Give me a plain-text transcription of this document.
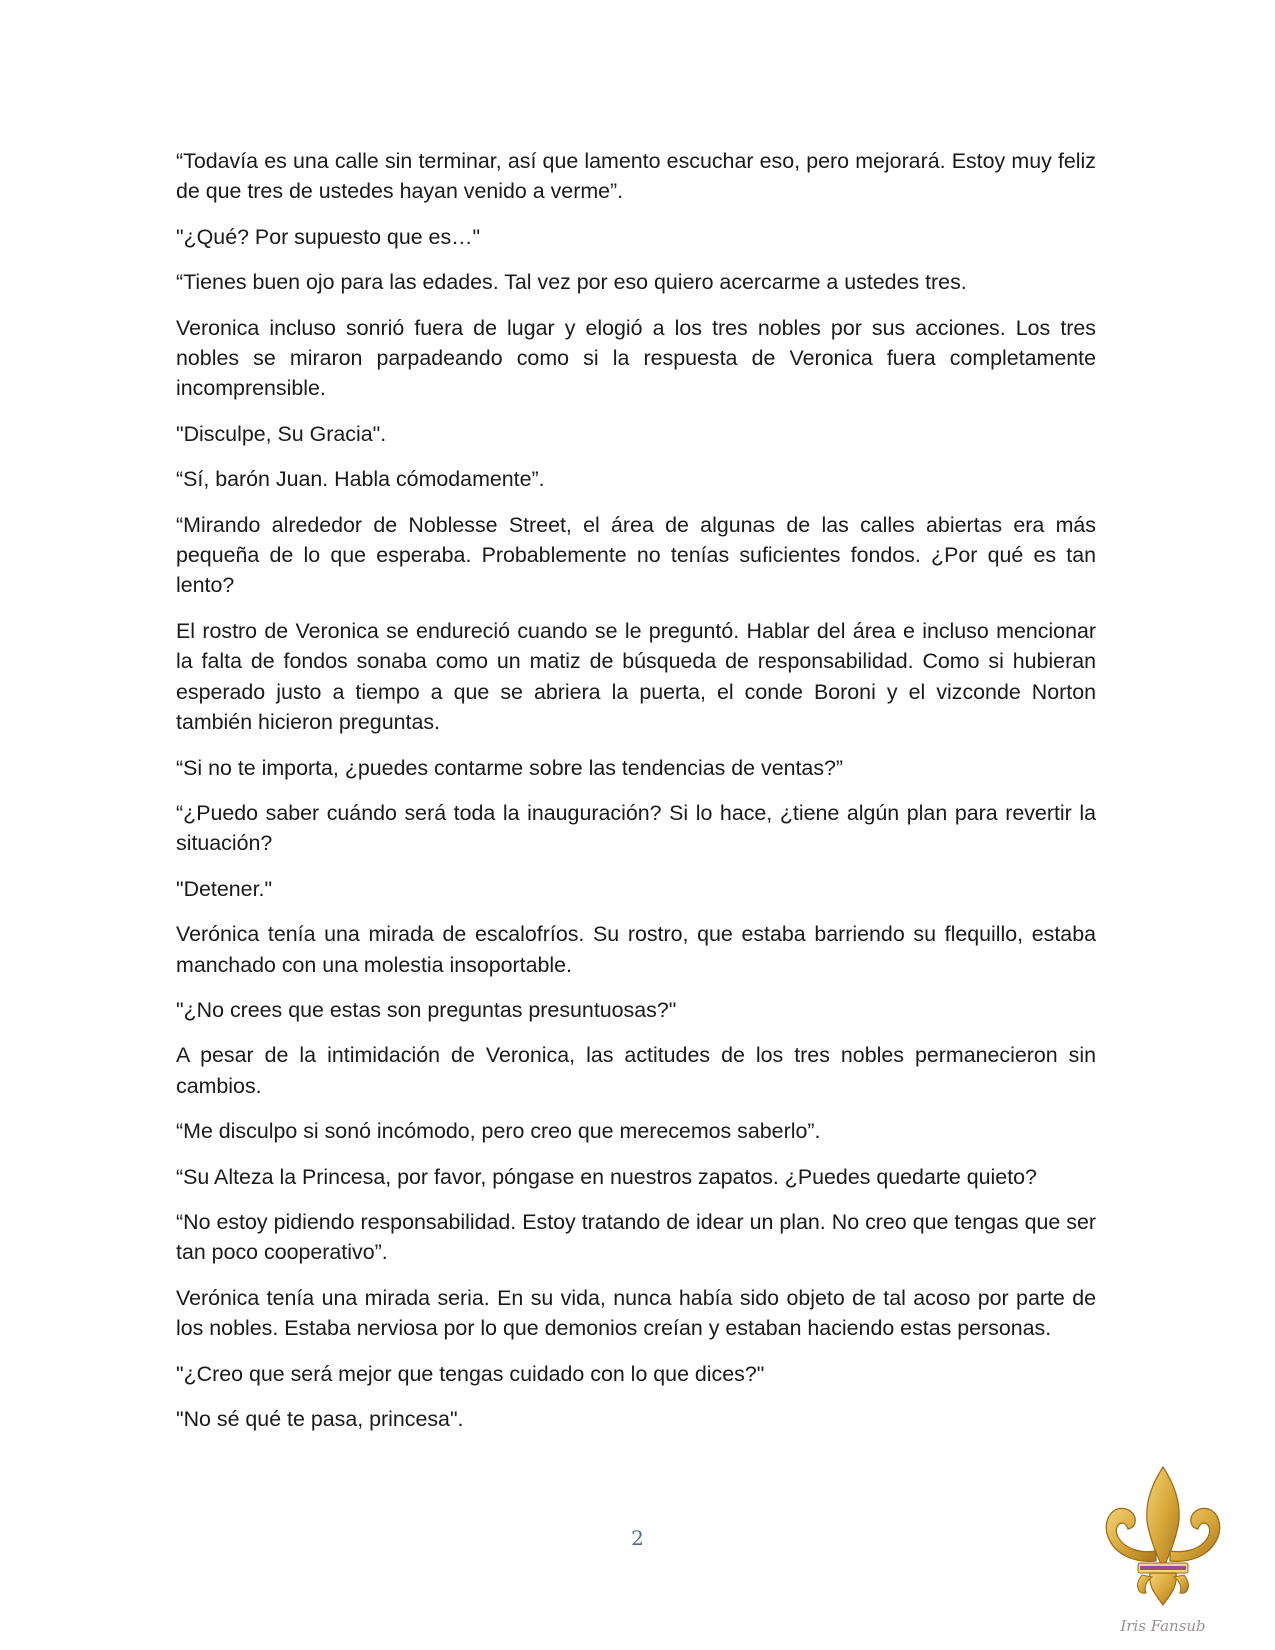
“Todavía es una calle sin terminar, así que lamento escuchar eso, pero mejorará. Estoy muy feliz de que tres de ustedes hayan venido a verme”.

"¿Qué? Por supuesto que es…"

“Tienes buen ojo para las edades. Tal vez por eso quiero acercarme a ustedes tres.

Veronica incluso sonrió fuera de lugar y elogió a los tres nobles por sus acciones. Los tres nobles se miraron parpadeando como si la respuesta de Veronica fuera completamente incomprensible.

"Disculpe, Su Gracia".

“Sí, barón Juan. Habla cómodamente”.

“Mirando alrededor de Noblesse Street, el área de algunas de las calles abiertas era más pequeña de lo que esperaba. Probablemente no tenías suficientes fondos. ¿Por qué es tan lento?

El rostro de Veronica se endureció cuando se le preguntó. Hablar del área e incluso mencionar la falta de fondos sonaba como un matiz de búsqueda de responsabilidad. Como si hubieran esperado justo a tiempo a que se abriera la puerta, el conde Boroni y el vizconde Norton también hicieron preguntas.

“Si no te importa, ¿puedes contarme sobre las tendencias de ventas?”

“¿Puedo saber cuándo será toda la inauguración? Si lo hace, ¿tiene algún plan para revertir la situación?

"Detener."

Verónica tenía una mirada de escalofríos. Su rostro, que estaba barriendo su flequillo, estaba manchado con una molestia insoportable.

"¿No crees que estas son preguntas presuntuosas?"

A pesar de la intimidación de Veronica, las actitudes de los tres nobles permanecieron sin cambios.

“Me disculpo si sonó incómodo, pero creo que merecemos saberlo”.

“Su Alteza la Princesa, por favor, póngase en nuestros zapatos. ¿Puedes quedarte quieto?

“No estoy pidiendo responsabilidad. Estoy tratando de idear un plan. No creo que tengas que ser tan poco cooperativo”.

Verónica tenía una mirada seria. En su vida, nunca había sido objeto de tal acoso por parte de los nobles. Estaba nerviosa por lo que demonios creían y estaban haciendo estas personas.

"¿Creo que será mejor que tengas cuidado con lo que dices?"

"No sé qué te pasa, princesa".

2
Iris Fansub
